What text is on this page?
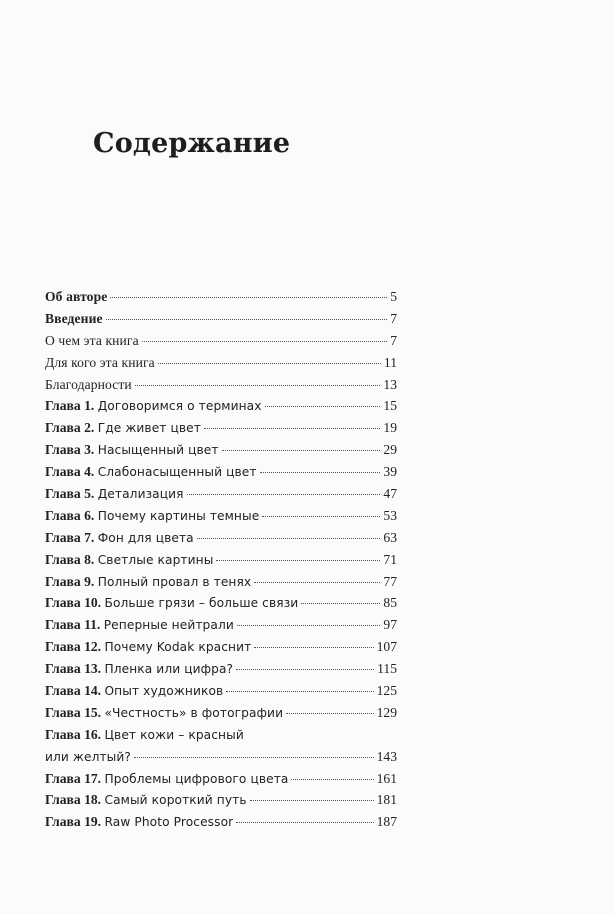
Содержание
Об авторе	5
Введение	7
О чем эта книга	7
Для кого эта книга	11
Благодарности	13
Глава 1. Договоримся о терминах	15
Глава 2. Где живет цвет	19
Глава 3. Насыщенный цвет	29
Глава 4. Слабонасыщенный цвет	39
Глава 5. Детализация	47
Глава 6. Почему картины темные	53
Глава 7. Фон для цвета	63
Глава 8. Светлые картины	71
Глава 9. Полный провал в тенях	77
Глава 10. Больше грязи – больше связи	85
Глава 11. Реперные нейтрали	97
Глава 12. Почему Kodak краснит	107
Глава 13. Пленка или цифра?	115
Глава 14. Опыт художников	125
Глава 15. «Честность» в фотографии	129
Глава 16. Цвет кожи – красный
или желтый?	143
Глава 17. Проблемы цифрового цвета	161
Глава 18. Самый короткий путь	181
Глава 19. Raw Photo Processor	187
